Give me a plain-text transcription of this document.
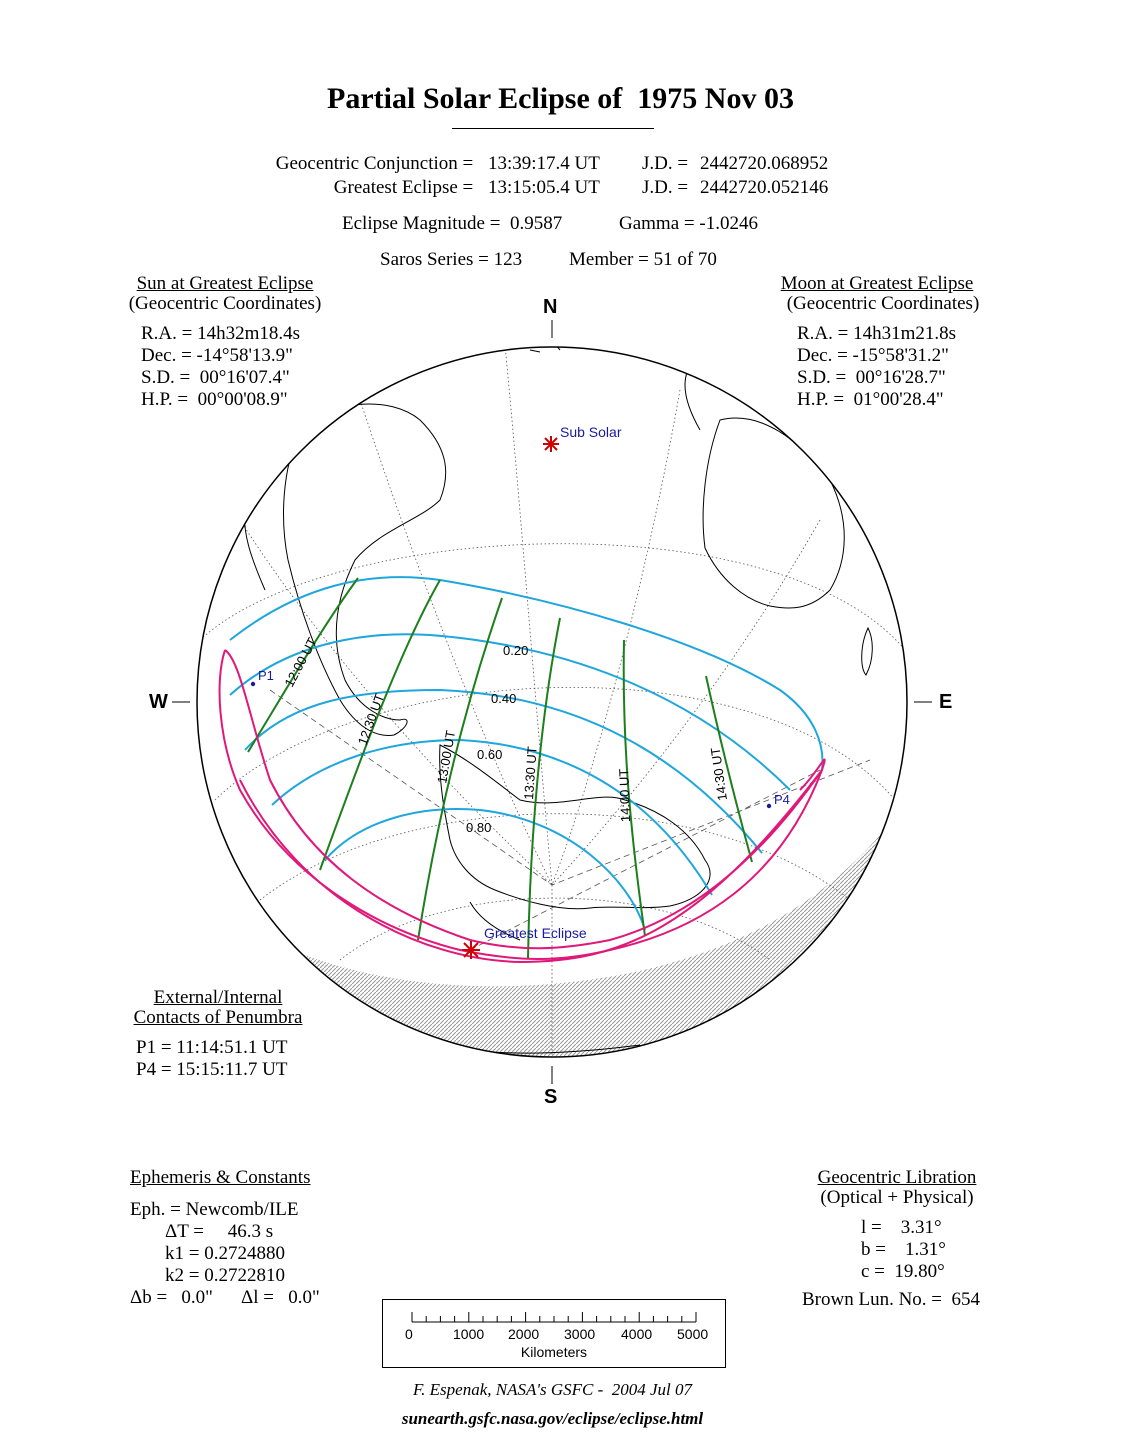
Partial Solar Eclipse of  1975 Nov 03
Geocentric Conjunction = 13:39:17.4 UT J.D. = 2442720.068952
Greatest Eclipse = 13:15:05.4 UT J.D. = 2442720.052146
Eclipse Magnitude =  0.9587	Gamma = -1.0246
Saros Series = 123 Member = 51 of 70
Sun at Greatest Eclipse
(Geocentric Coordinates)
R.A. = 14h32m18.4s
Dec. = -14°58'13.9"
S.D. =  00°16'07.4"
H.P. =  00°00'08.9"
Moon at Greatest Eclipse
(Geocentric Coordinates)
R.A. = 14h31m21.8s
Dec. = -15°58'31.2"
S.D. =  00°16'28.7"
H.P. =  01°00'28.4"
N
S
W	E
Sub Solar
Greatest Eclipse
P1
P4
0.20
0.40
0.60
0.80
12:00 UT
12:30 UT
13:00 UT	13:30 UT	14:00 UT	14:30 UT
External/Internal
Contacts of Penumbra
P1 = 11:14:51.1 UT
P4 = 15:15:11.7 UT
Ephemeris & Constants
Eph. = Newcomb/ILE
ΔT =     46.3 s
k1 = 0.2724880
k2 = 0.2722810
Δb =   0.0" Δl =   0.0"
Geocentric Libration
(Optical + Physical)
l =    3.31°
b =    1.31°
c =  19.80°
Brown Lun. No. =  654
0	1000 2000 3000 4000 5000
Kilometers
F. Espenak, NASA's GSFC -  2004 Jul 07
sunearth.gsfc.nasa.gov/eclipse/eclipse.html
